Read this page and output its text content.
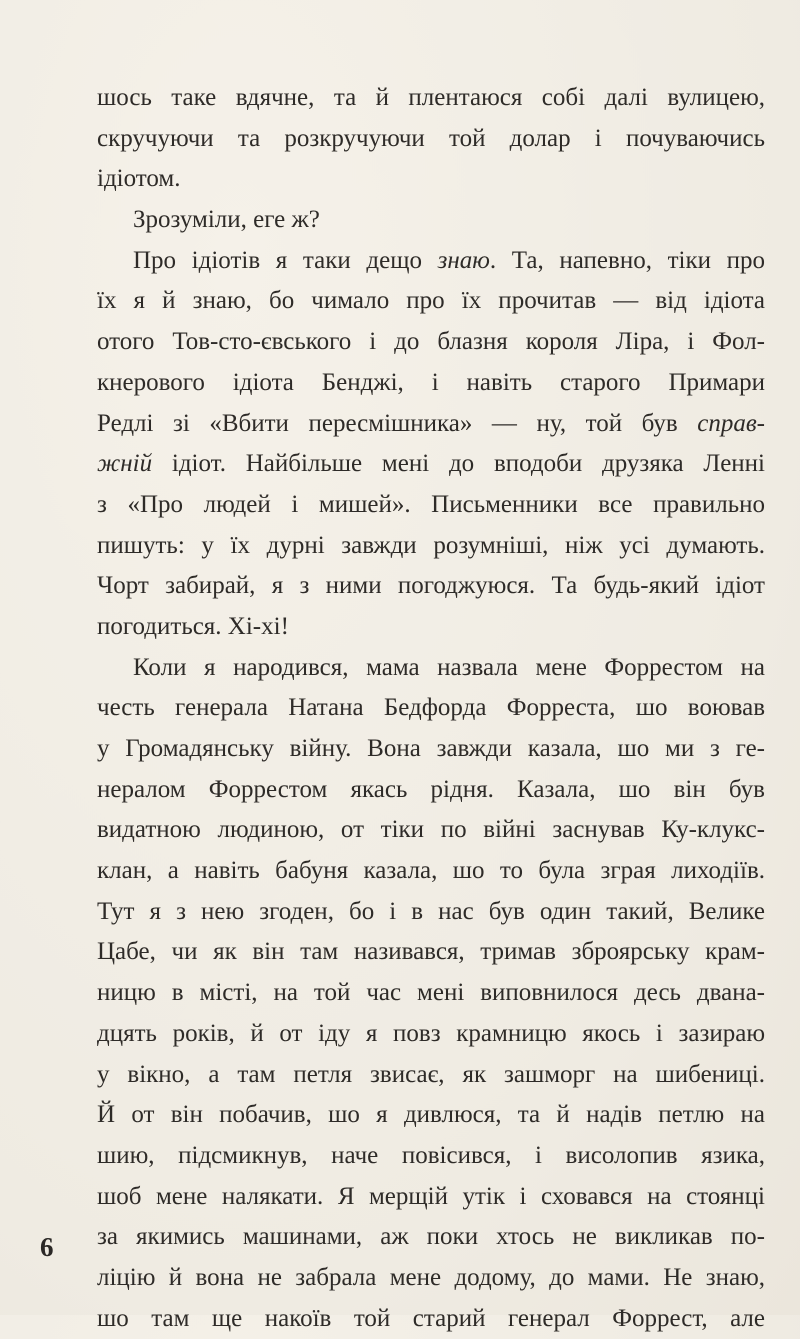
шось таке вдячне, та й плентаюся собі далі вулицею,
скручуючи та розкручуючи той долар і почуваючись
ідіотом.
Зрозуміли, еге ж?
Про ідіотів я таки дещо знаю. Та, напевно, тіки про
їх я й знаю, бо чимало про їх прочитав — від ідіота
отого Тов-сто-євського і до блазня короля Ліра, і Фол-
кнерового ідіота Бенджі, і навіть старого Примари
Редлі зі «Вбити пересмішника» — ну, той був справ-
жній ідіот. Найбільше мені до вподоби друзяка Ленні
з «Про людей і мишей». Письменники все правильно
пишуть: у їх дурні завжди розумніші, ніж усі думають.
Чорт забирай, я з ними погоджуюся. Та будь-який ідіот
погодиться. Хі-хі!
Коли я народився, мама назвала мене Форрестом на
честь генерала Натана Бедфорда Форреста, шо воював
у Громадянську війну. Вона завжди казала, шо ми з ге-
нералом Форрестом якась рідня. Казала, шо він був
видатною людиною, от тіки по війні заснував Ку-клукс-
клан, а навіть бабуня казала, шо то була зграя лиходіїв.
Тут я з нею згоден, бо і в нас був один такий, Велике
Цабе, чи як він там називався, тримав зброярську крам-
ницю в місті, на той час мені виповнилося десь двана-
дцять років, й от іду я повз крамницю якось і зазираю
у вікно, а там петля звисає, як зашморг на шибениці.
Й от він побачив, шо я дивлюся, та й надів петлю на
шию, підсмикнув, наче повісився, і висолопив язика,
шоб мене налякати. Я мерщій утік і сховався на стоянці
за якимись машинами, аж поки хтось не викликав по-
ліцію й вона не забрала мене додому, до мами. Не знаю,
шо там ще накоїв той старий генерал Форрест, але
6
